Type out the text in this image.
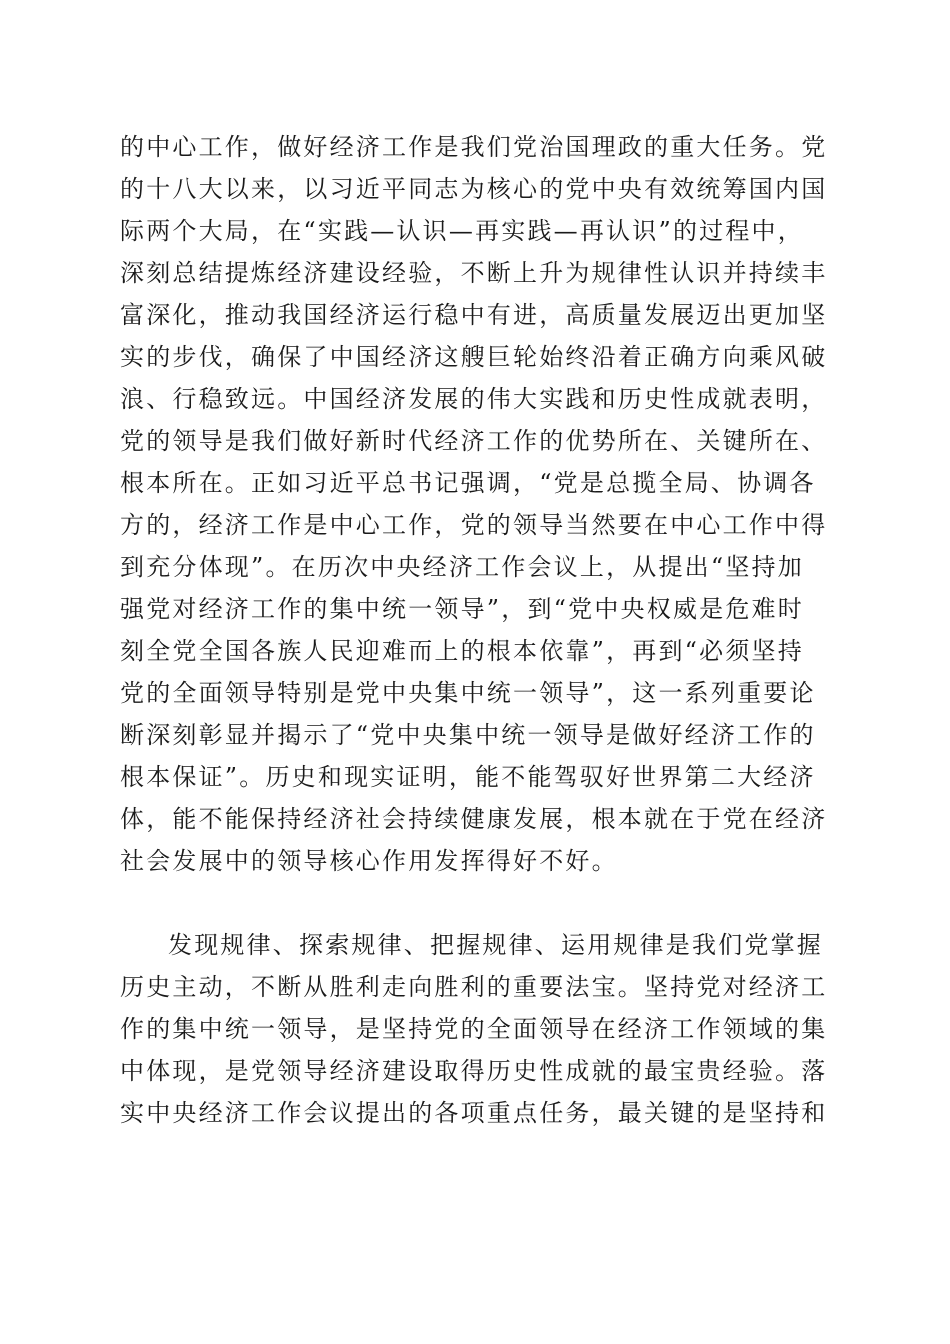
的中心工作，做好经济工作是我们党治国理政的重大任务。党
的十八大以来，以习近平同志为核心的党中央有效统筹国内国
际两个大局，在“实践—认识—再实践—再认识”的过程中，
深刻总结提炼经济建设经验，不断上升为规律性认识并持续丰
富深化，推动我国经济运行稳中有进，高质量发展迈出更加坚
实的步伐，确保了中国经济这艘巨轮始终沿着正确方向乘风破
浪、行稳致远。中国经济发展的伟大实践和历史性成就表明，
党的领导是我们做好新时代经济工作的优势所在、关键所在、
根本所在。正如习近平总书记强调，“党是总揽全局、协调各
方的，经济工作是中心工作，党的领导当然要在中心工作中得
到充分体现”。在历次中央经济工作会议上，从提出“坚持加
强党对经济工作的集中统一领导”，到“党中央权威是危难时
刻全党全国各族人民迎难而上的根本依靠”，再到“必须坚持
党的全面领导特别是党中央集中统一领导”，这一系列重要论
断深刻彰显并揭示了“党中央集中统一领导是做好经济工作的
根本保证”。历史和现实证明，能不能驾驭好世界第二大经济
体，能不能保持经济社会持续健康发展，根本就在于党在经济
社会发展中的领导核心作用发挥得好不好。
发现规律、探索规律、把握规律、运用规律是我们党掌握
历史主动，不断从胜利走向胜利的重要法宝。坚持党对经济工
作的集中统一领导，是坚持党的全面领导在经济工作领域的集
中体现，是党领导经济建设取得历史性成就的最宝贵经验。落
实中央经济工作会议提出的各项重点任务，最关键的是坚持和
